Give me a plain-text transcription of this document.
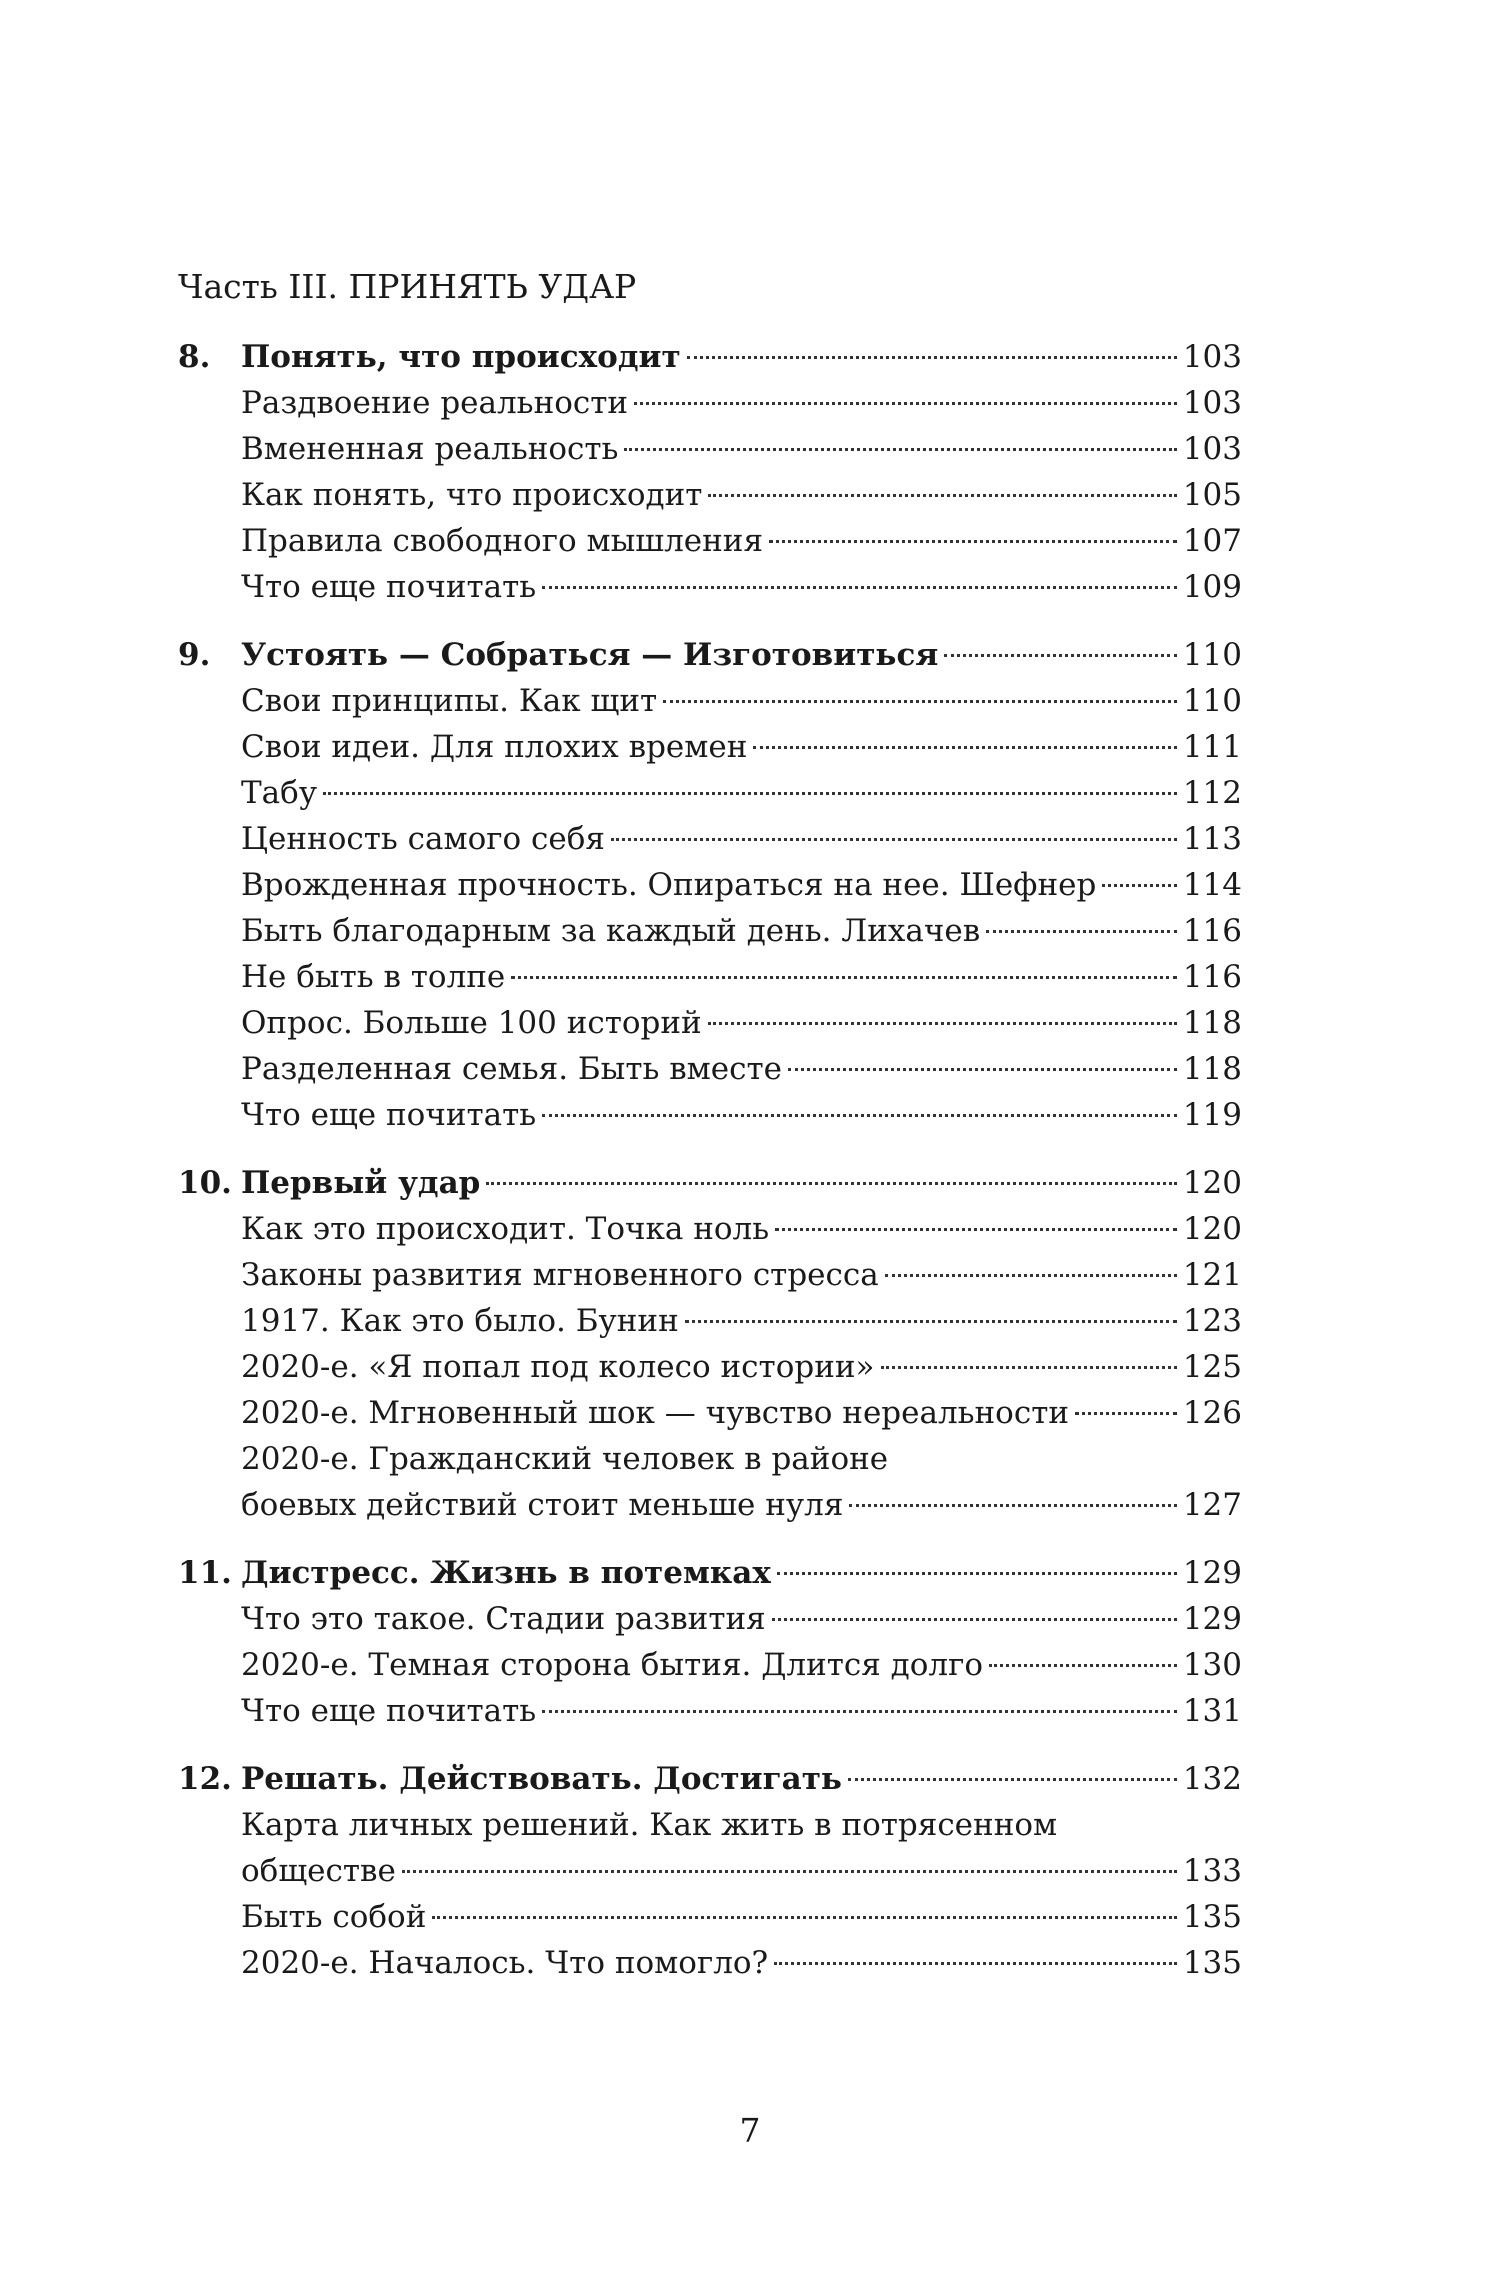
Часть III. ПРИНЯТЬ УДАР
8. Понять, что происходит	103
Раздвоение реальности	103
Вмененная реальность	103
Как понять, что происходит	105
Правила свободного мышления	107
Что еще почитать	109
9. Устоять — Собраться — Изготовиться	110
Свои принципы. Как щит	110
Свои идеи. Для плохих времен	111
Табу	112
Ценность самого себя	113
Врожденная прочность. Опираться на нее. Шефнер	114
Быть благодарным за каждый день. Лихачев	116
Не быть в толпе	116
Опрос. Больше 100 историй	118
Разделенная семья. Быть вместе	118
Что еще почитать	119
10. Первый удар	120
Как это происходит. Точка ноль	120
Законы развития мгновенного стресса	121
1917. Как это было. Бунин	123
2020-е. «Я попал под колесо истории»	125
2020-е. Мгновенный шок — чувство нереальности	126
2020-е. Гражданский человек в районе
боевых действий стоит меньше нуля	127
11. Дистресс. Жизнь в потемках	129
Что это такое. Стадии развития	129
2020-е. Темная сторона бытия. Длится долго	130
Что еще почитать	131
12. Решать. Действовать. Достигать	132
Карта личных решений. Как жить в потрясенном
обществе	133
Быть собой	135
2020-е. Началось. Что помогло?	135
7
